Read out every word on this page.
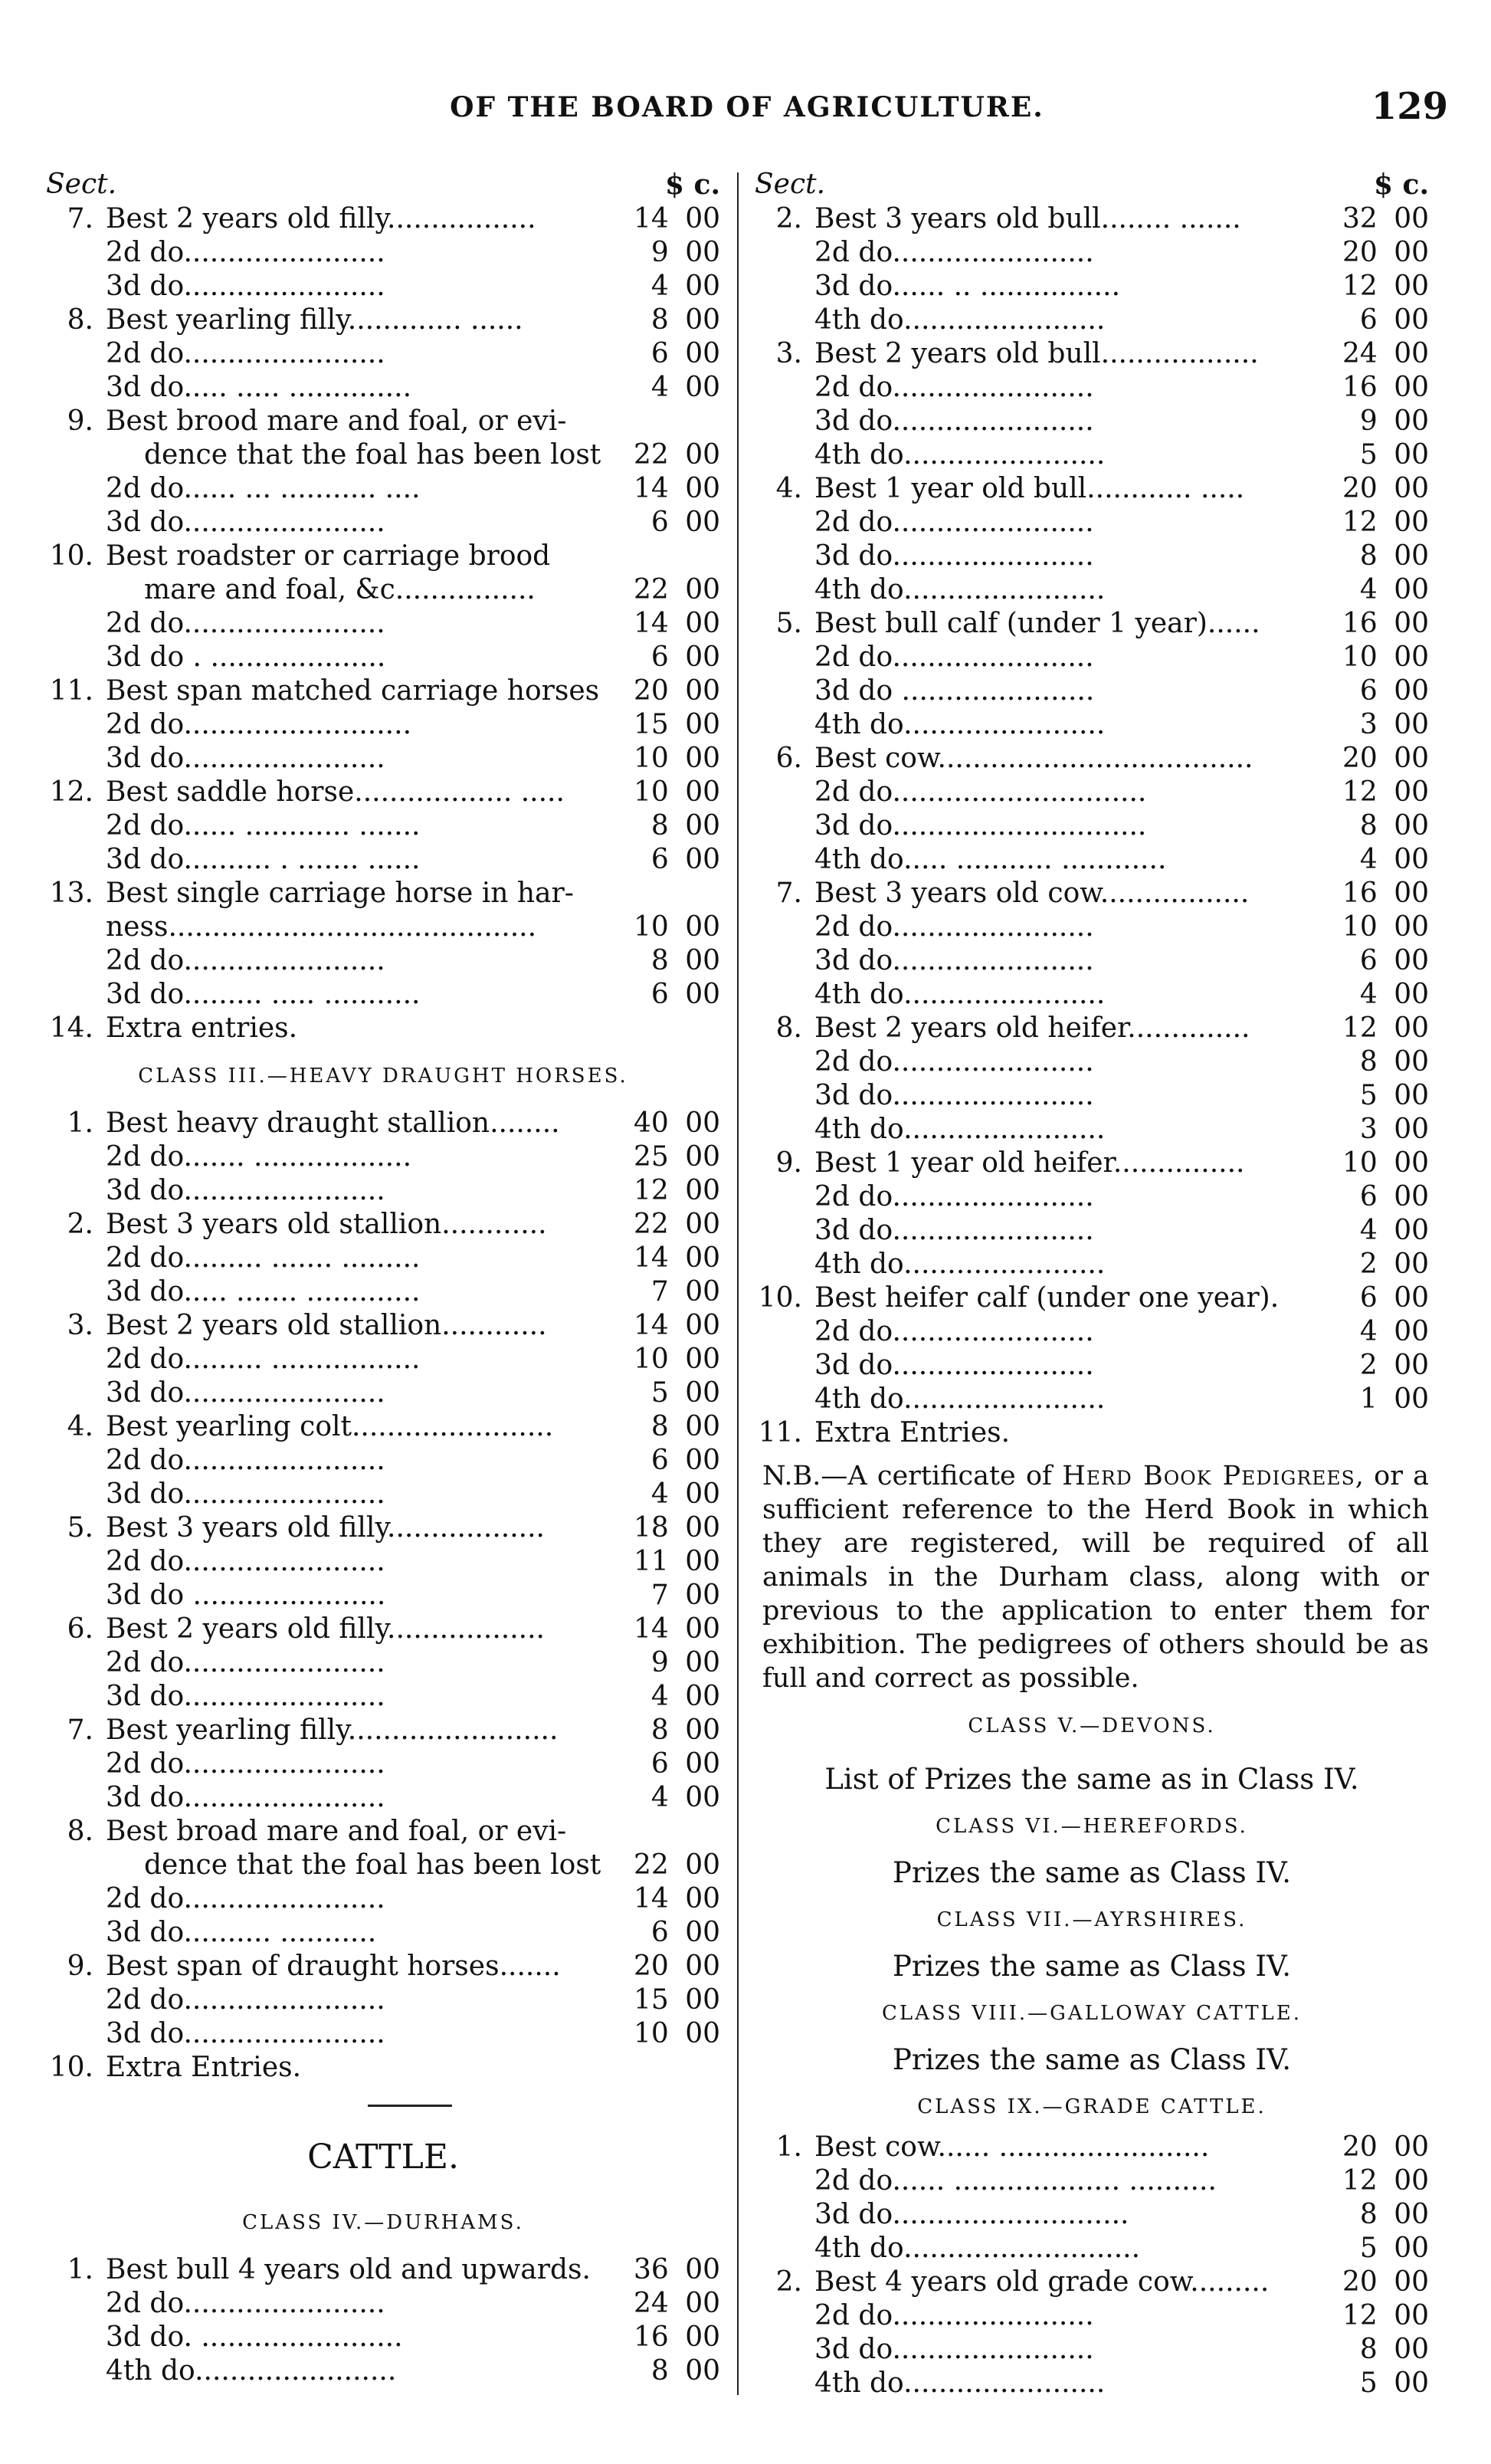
OF THE BOARD OF AGRICULTURE.	129
Sect.	$ c.
7. Best 2 years old filly.................	14 00
2d do.......................	9 00
3d do.......................	4 00
8. Best yearling filly............. ......	8 00
2d do.......................	6 00
3d do..... ..... ..............	4 00
9. Best brood mare and foal, or evi-
dence that the foal has been lost 22 00
2d do...... ... ........... ....	14 00
3d do.......................	6 00
10. Best roadster or carriage brood
mare and foal, &c................	22 00
2d do.......................	14 00
3d do . ....................	6 00
11. Best span matched carriage horses 20 00
2d do..........................	15 00
3d do.......................	10 00
12. Best saddle horse.................. .....	10 00
2d do...... ............ .......	8 00
3d do.......... . ....... ......	6 00
13. Best single carriage horse in har-
ness..........................................	10 00
2d do.......................	8 00
3d do......... ..... ...........	6 00
14. Extra entries.
CLASS III.—HEAVY DRAUGHT HORSES.
1. Best heavy draught stallion........	40 00
2d do....... ..................	25 00
3d do.......................	12 00
2. Best 3 years old stallion............	22 00
2d do......... ....... .........	14 00
3d do..... ....... .............	7 00
3. Best 2 years old stallion............	14 00
2d do......... .................	10 00
3d do.......................	5 00
4. Best yearling colt.......................	8 00
2d do.......................	6 00
3d do.......................	4 00
5. Best 3 years old filly..................	18 00
2d do.......................	11 00
3d do ......................	7 00
6. Best 2 years old filly..................	14 00
2d do.......................	9 00
3d do.......................	4 00
7. Best yearling filly........................	8 00
2d do.......................	6 00
3d do.......................	4 00
8. Best broad mare and foal, or evi-
dence that the foal has been lost 22 00
2d do.......................	14 00
3d do.......... ...........	6 00
9. Best span of draught horses.......	20 00
2d do.......................	15 00
3d do.......................	10 00
10. Extra Entries.
CATTLE.
CLASS IV.—DURHAMS.
1. Best bull 4 years old and upwards. 36 00
2d do.......................	24 00
3d do. .......................	16 00
4th do.......................	8 00
Sect.	$ c.
2. Best 3 years old bull........ .......	32 00
2d do.......................	20 00
3d do...... .. ................	12 00
4th do.......................	6 00
3. Best 2 years old bull..................	24 00
2d do.......................	16 00
3d do.......................	9 00
4th do.......................	5 00
4. Best 1 year old bull............ .....	20 00
2d do.......................	12 00
3d do.......................	8 00
4th do.......................	4 00
5. Best bull calf (under 1 year)......	16 00
2d do.......................	10 00
3d do ......................	6 00
4th do.......................	3 00
6. Best cow....................................	20 00
2d do.............................	12 00
3d do.............................	8 00
4th do..... ........... ............	4 00
7. Best 3 years old cow.................	16 00
2d do.......................	10 00
3d do.......................	6 00
4th do.......................	4 00
8. Best 2 years old heifer..............	12 00
2d do.......................	8 00
3d do.......................	5 00
4th do.......................	3 00
9. Best 1 year old heifer...............	10 00
2d do.......................	6 00
3d do.......................	4 00
4th do.......................	2 00
10. Best heifer calf (under one year).	6 00
2d do.......................	4 00
3d do.......................	2 00
4th do.......................	1 00
11. Extra Entries.
N.B.—A certificate of Herd Book Pedigrees, or a sufficient reference to the Herd Book in which they are registered, will be required of all animals in the Durham class, along with or previous to the application to enter them for exhibition. The pedigrees of others should be as full and correct as possible.
CLASS V.—DEVONS.
List of Prizes the same as in Class IV.
CLASS VI.—HEREFORDS.
Prizes the same as Class IV.
CLASS VII.—AYRSHIRES.
Prizes the same as Class IV.
CLASS VIII.—GALLOWAY CATTLE.
Prizes the same as Class IV.
CLASS IX.—GRADE CATTLE.
1. Best cow...... ........................	20 00
2d do...... ................... ..........	12 00
3d do...........................	8 00
4th do...........................	5 00
2. Best 4 years old grade cow.........	20 00
2d do.......................	12 00
3d do.......................	8 00
4th do.......................	5 00
